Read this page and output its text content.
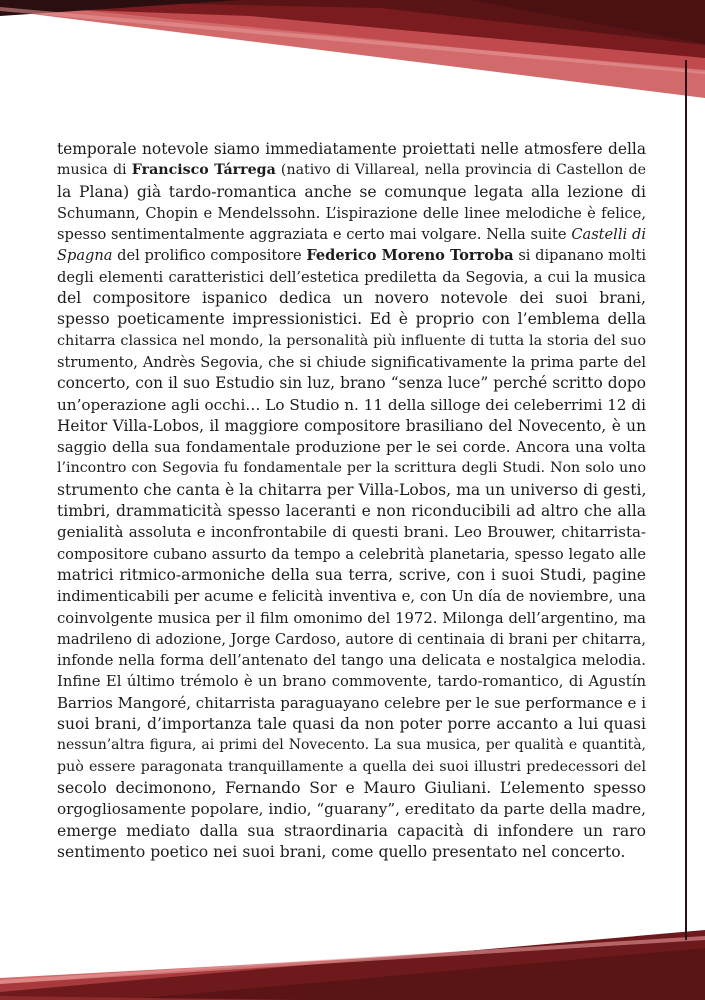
temporale notevole siamo immediatamente proiettati nelle atmosfere della
musica di Francisco Tárrega (nativo di Villareal, nella provincia di Castellon de
la Plana) già tardo-romantica anche se comunque legata alla lezione di
Schumann, Chopin e Mendelssohn. L’ispirazione delle linee melodiche è felice,
spesso sentimentalmente aggraziata e certo mai volgare. Nella suite Castelli di
Spagna del prolifico compositore Federico Moreno Torroba si dipanano molti
degli elementi caratteristici dell’estetica prediletta da Segovia, a cui la musica
del compositore ispanico dedica un novero notevole dei suoi brani,
spesso poeticamente impressionistici. Ed è proprio con l’emblema della
chitarra classica nel mondo, la personalità più influente di tutta la storia del suo
strumento, Andrès Segovia, che si chiude significativamente la prima parte del
concerto, con il suo Estudio sin luz, brano “senza luce” perché scritto dopo
un’operazione agli occhi… Lo Studio n. 11 della silloge dei celeberrimi 12 di
Heitor Villa-Lobos, il maggiore compositore brasiliano del Novecento, è un
saggio della sua fondamentale produzione per le sei corde. Ancora una volta
l’incontro con Segovia fu fondamentale per la scrittura degli Studi. Non solo uno
strumento che canta è la chitarra per Villa-Lobos, ma un universo di gesti,
timbri, drammaticità spesso laceranti e non riconducibili ad altro che alla
genialità assoluta e inconfrontabile di questi brani. Leo Brouwer, chitarrista-
compositore cubano assurto da tempo a celebrità planetaria, spesso legato alle
matrici ritmico-armoniche della sua terra, scrive, con i suoi Studi, pagine
indimenticabili per acume e felicità inventiva e, con Un día de noviembre, una
coinvolgente musica per il film omonimo del 1972. Milonga dell’argentino, ma
madrileno di adozione, Jorge Cardoso, autore di centinaia di brani per chitarra,
infonde nella forma dell’antenato del tango una delicata e nostalgica melodia.
Infine El último trémolo è un brano commovente, tardo-romantico, di Agustín
Barrios Mangoré, chitarrista paraguayano celebre per le sue performance e i
suoi brani, d’importanza tale quasi da non poter porre accanto a lui quasi
nessun’altra figura, ai primi del Novecento. La sua musica, per qualità e quantità,
può essere paragonata tranquillamente a quella dei suoi illustri predecessori del
secolo decimonono, Fernando Sor e Mauro Giuliani. L’elemento spesso
orgogliosamente popolare, indio, “guarany”, ereditato da parte della madre,
emerge mediato dalla sua straordinaria capacità di infondere un raro
sentimento poetico nei suoi brani, come quello presentato nel concerto.
